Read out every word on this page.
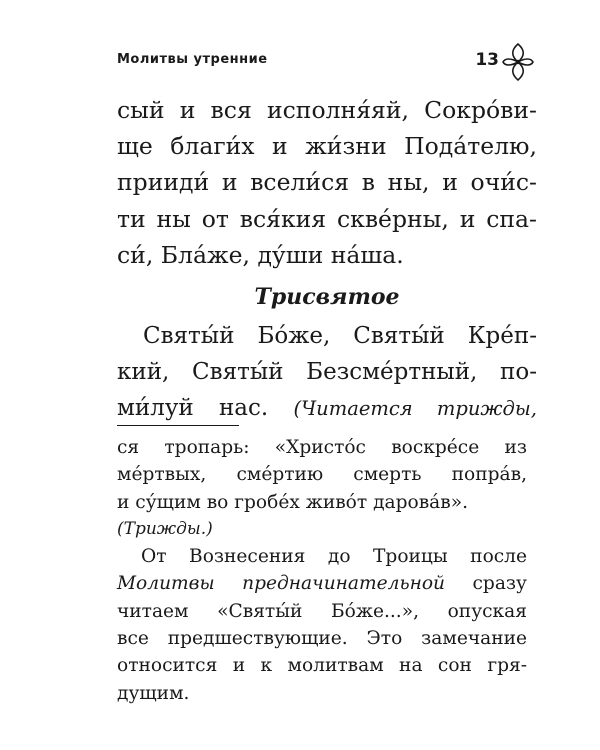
Молитвы утренние	13
сый и вся исполня́яй, Сокро́ви-
ще благи́х и жи́зни Пода́телю,
прииди́ и всели́ся в ны, и очи́с-
ти ны от вся́кия скве́рны, и спа-
си́, Бла́же, ду́ши на́ша.
Трисвятое
Святы́й Бо́же, Святы́й Кре́п-
кий, Святы́й Безсме́ртный, по-
ми́луй нас. (Читается трижды,
ся тропарь: «Христо́с воскре́се из
ме́ртвых, сме́ртию смерть попра́в,
и су́щим во гробе́х живо́т дарова́в».
(Трижды.)
От Вознесения до Троицы после
Молитвы предначинательной сразу
читаем «Святы́й Бо́же...», опуская
все предшествующие. Это замечание
относится и к молитвам на сон гря-
дущим.
